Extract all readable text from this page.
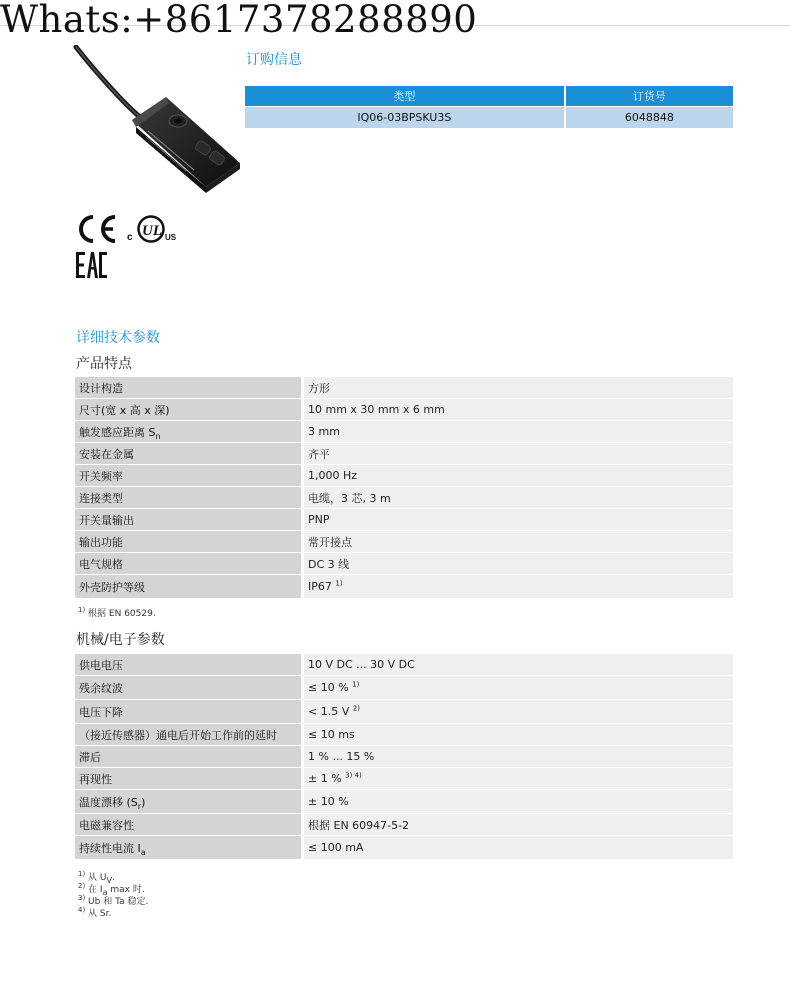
Whats:+8617378288890
订购信息
类型	订货号
IQ06-03BPSKU3S	6048848
c UL US
详细技术参数
产品特点
设计构造	方形
尺寸(宽 x 高 x 深)	10 mm x 30 mm x 6 mm
触发感应距离 $S_n$	3 mm
安装在金属	齐平
开关频率	1,000 Hz
连接类型	电缆，3 芯, 3 m
开关量输出	PNP
输出功能	常开接点
电气规格	DC 3 线
外壳防护等级	IP67 $^{1)}$
$^{1)}$ 根据 EN 60529.
机械/电子参数
供电电压	10 V DC ... 30 V DC
残余纹波	≤ 10 % $^{1)}$
电压下降	< 1.5 V $^{2)}$
（接近传感器）通电后开始工作前的延时	≤ 10 ms
滞后	1 % ... 15 %
再现性	± 1 % $^{3) 4)}$
温度漂移 $(S_r)$	± 10 %
电磁兼容性	根据 EN 60947-5-2
持续性电流 $I_a$	≤ 100 mA
$^{1)}$ 从 $U_V$.
$^{2)}$ 在 $I_a$ max 时.
$^{3)}$ Ub 和 Ta 稳定.
$^{4)}$ 从 Sr.
